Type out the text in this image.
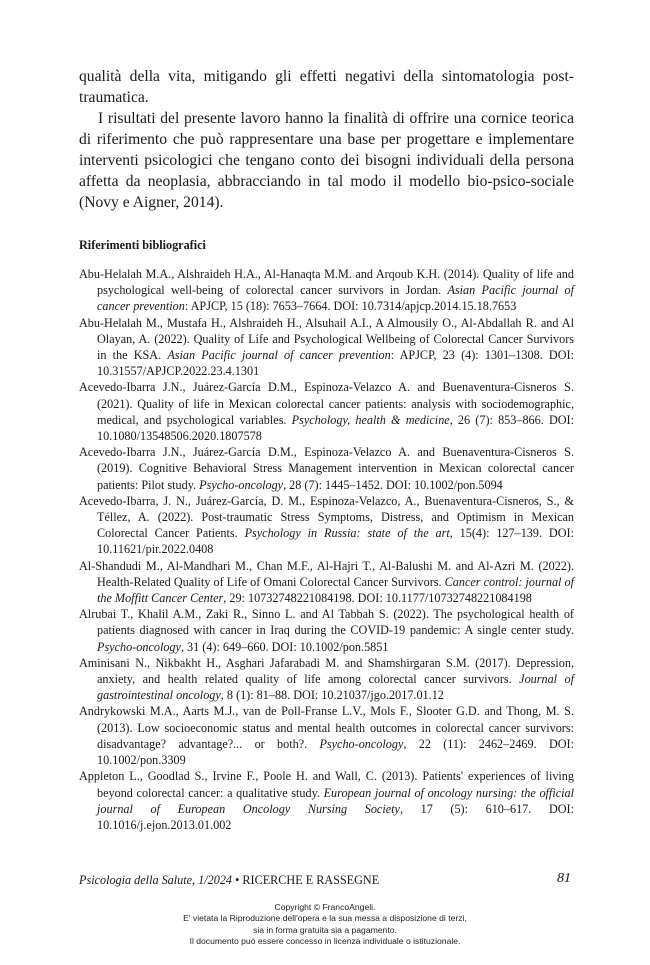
qualità della vita, mitigando gli effetti negativi della sintomatologia post-traumatica.

I risultati del presente lavoro hanno la finalità di offrire una cornice teorica di riferimento che può rappresentare una base per progettare e implementare interventi psicologici che tengano conto dei bisogni individuali della persona affetta da neoplasia, abbracciando in tal modo il modello bio-psico-sociale (Novy e Aigner, 2014).

Riferimenti bibliografici
Abu-Helalah M.A., Alshraideh H.A., Al-Hanaqta M.M. and Arqoub K.H. (2014). Quality of life and psychological well-being of colorectal cancer survivors in Jordan. Asian Pacific journal of cancer prevention: APJCP, 15 (18): 7653–7664. DOI: 10.7314/apjcp.2014.15.18.7653
Abu-Helalah M., Mustafa H., Alshraideh H., Alsuhail A.I., A Almousily O., Al-Abdallah R. and Al Olayan, A. (2022). Quality of Life and Psychological Wellbeing of Colorectal Cancer Survivors in the KSA. Asian Pacific journal of cancer prevention: APJCP, 23 (4): 1301–1308. DOI: 10.31557/APJCP.2022.23.4.1301
Acevedo-Ibarra J.N., Juárez-García D.M., Espinoza-Velazco A. and Buenaventura-Cisneros S. (2021). Quality of life in Mexican colorectal cancer patients: analysis with sociodemographic, medical, and psychological variables. Psychology, health & medicine, 26 (7): 853–866. DOI: 10.1080/13548506.2020.1807578
Acevedo-Ibarra J.N., Juárez-García D.M., Espinoza-Velazco A. and Buenaventura-Cisneros S. (2019). Cognitive Behavioral Stress Management intervention in Mexican colorectal cancer patients: Pilot study. Psycho-oncology, 28 (7): 1445–1452. DOI: 10.1002/pon.5094
Acevedo-Ibarra, J. N., Juárez-García, D. M., Espinoza-Velazco, A., Buenaventura-Cisneros, S., & Téllez, A. (2022). Post-traumatic Stress Symptoms, Distress, and Optimism in Mexican Colorectal Cancer Patients. Psychology in Russia: state of the art, 15(4): 127–139. DOI: 10.11621/pir.2022.0408
Al-Shandudi M., Al-Mandhari M., Chan M.F., Al-Hajri T., Al-Balushi M. and Al-Azri M. (2022). Health-Related Quality of Life of Omani Colorectal Cancer Survivors. Cancer control: journal of the Moffitt Cancer Center, 29: 10732748221084198. DOI: 10.1177/10732748221084198
Alrubai T., Khalil A.M., Zaki R., Sinno L. and Al Tabbah S. (2022). The psychological health of patients diagnosed with cancer in Iraq during the COVID-19 pandemic: A single center study. Psycho-oncology, 31 (4): 649–660. DOI: 10.1002/pon.5851
Aminisani N., Nikbakht H., Asghari Jafarabadi M. and Shamshirgaran S.M. (2017). Depression, anxiety, and health related quality of life among colorectal cancer survivors. Journal of gastrointestinal oncology, 8 (1): 81–88. DOI: 10.21037/jgo.2017.01.12
Andrykowski M.A., Aarts M.J., van de Poll-Franse L.V., Mols F., Slooter G.D. and Thong, M. S. (2013). Low socioeconomic status and mental health outcomes in colorectal cancer survivors: disadvantage? advantage?... or both?. Psycho-oncology, 22 (11): 2462–2469. DOI: 10.1002/pon.3309
Appleton L., Goodlad S., Irvine F., Poole H. and Wall, C. (2013). Patients' experiences of living beyond colorectal cancer: a qualitative study. European journal of oncology nursing: the official journal of European Oncology Nursing Society, 17 (5): 610–617. DOI: 10.1016/j.ejon.2013.01.002
Psicologia della Salute, 1/2024 • RICERCHE E RASSEGNE	81
Copyright © FrancoAngeli.
E' vietata la Riproduzione dell'opera e la sua messa a disposizione di terzi,
sia in forma gratuita sia a pagamento.
Il documento può essere concesso in licenza individuale o istituzionale.
